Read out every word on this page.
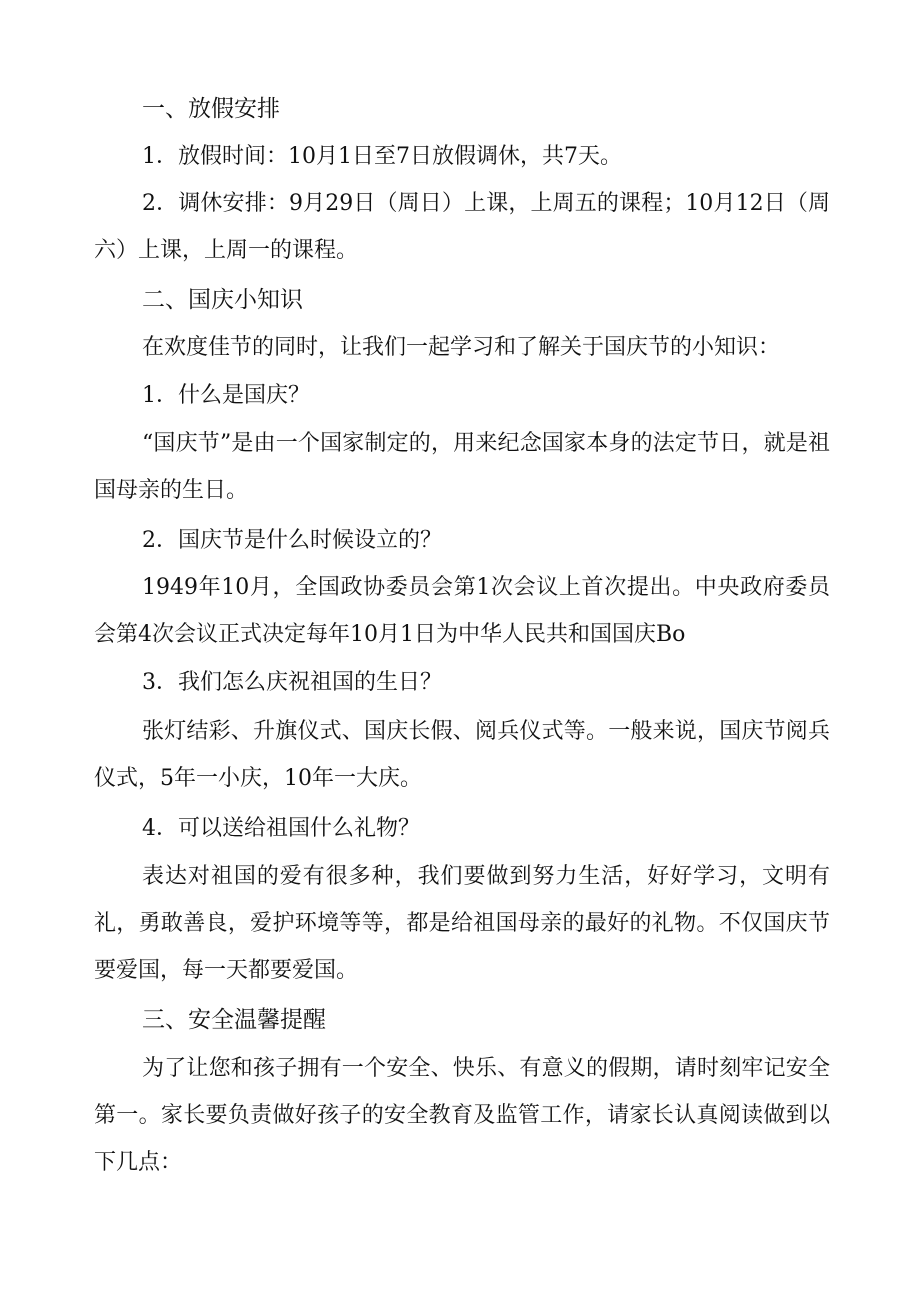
一、放假安排
1．放假时间：10月1日至7日放假调休，共7天。
2．调休安排：9月29日（周日）上课，上周五的课程；10月12日（周六）上课，上周一的课程。
二、国庆小知识
在欢度佳节的同时，让我们一起学习和了解关于国庆节的小知识：
1．什么是国庆？
“国庆节”是由一个国家制定的，用来纪念国家本身的法定节日，就是祖国母亲的生日。
2．国庆节是什么时候设立的？
1949年10月，全国政协委员会第1次会议上首次提出。中央政府委员会第4次会议正式决定每年10月1日为中华人民共和国国庆Bo
3．我们怎么庆祝祖国的生日？
张灯结彩、升旗仪式、国庆长假、阅兵仪式等。一般来说，国庆节阅兵仪式，5年一小庆，10年一大庆。
4．可以送给祖国什么礼物？
表达对祖国的爱有很多种，我们要做到努力生活，好好学习，文明有礼，勇敢善良，爱护环境等等，都是给祖国母亲的最好的礼物。不仅国庆节要爱国，每一天都要爱国。
三、安全温馨提醒
为了让您和孩子拥有一个安全、快乐、有意义的假期，请时刻牢记安全第一。家长要负责做好孩子的安全教育及监管工作，请家长认真阅读做到以下几点：
